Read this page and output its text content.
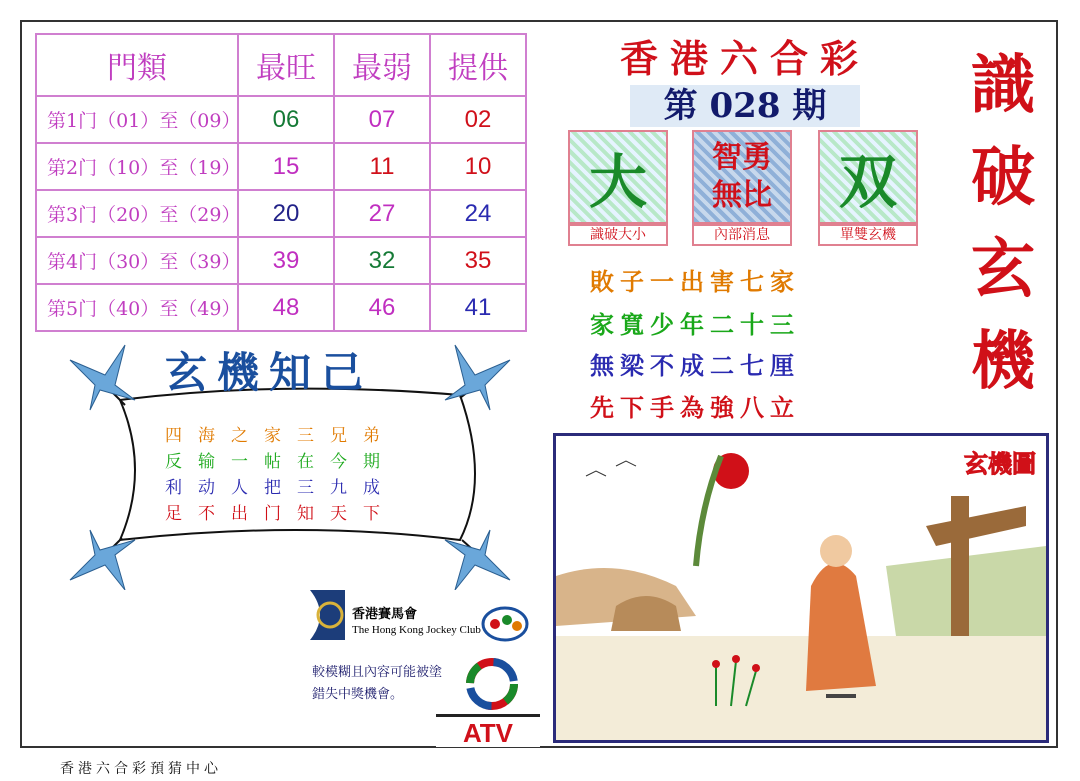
門類	最旺	最弱	提供
第1门（01）至（09）	06	07	02
第2门（10）至（19）	15	11	10
第3门（20）至（29）	20	27	24
第4门（30）至（39）	39	32	35
第5门（40）至（49）	48	46	41
香港六合彩
第 028 期	識
破
玄
機
大
識破大小
智勇無比
內部消息
双
單雙玄機
敗子一出害七家
家寬少年二十三
無梁不成二七厘
先下手為強八立
玄機知己
四海之家三兄弟
反输一帖在今期
利动人把三九成
足不出门知天下
香港賽馬會
The Hong Kong Jockey Club
較模糊且內容可能被塗
錯失中獎機會。
ATV
玄機圖
香港六合彩預猜中心
